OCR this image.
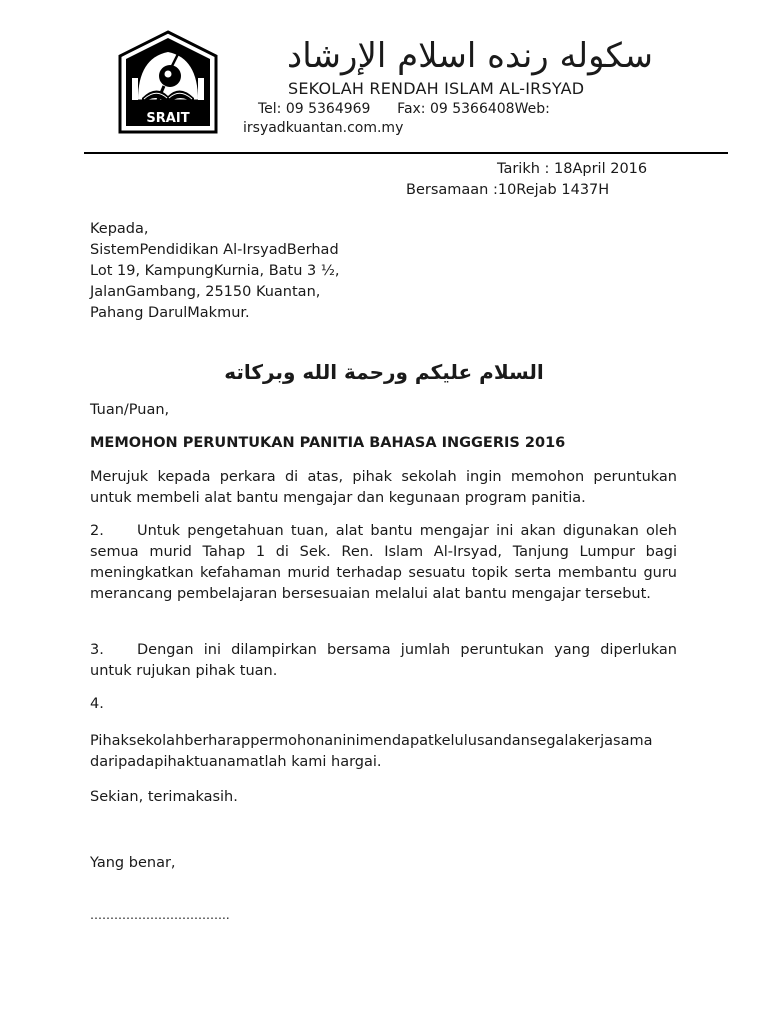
SRAIT
سكوله رنده اسلام الإرشاد
SEKOLAH RENDAH ISLAM AL-IRSYAD
Tel: 09 5364969 Fax: 09 5366408Web:
irsyadkuantan.com.my
Tarikh : 18April 2016
Bersamaan :10Rejab 1437H
Kepada,
SistemPendidikan Al-IrsyadBerhad
Lot 19, KampungKurnia, Batu 3 ½,
JalanGambang, 25150 Kuantan,
Pahang DarulMakmur.
السلام عليكم ورحمة الله وبركاته
Tuan/Puan,
MEMOHON PERUNTUKAN PANITIA BAHASA INGGERIS 2016
Merujuk kepada perkara di atas, pihak sekolah ingin memohon peruntukan untuk membeli alat bantu mengajar dan kegunaan program panitia.
2. Untuk pengetahuan tuan, alat bantu mengajar ini akan digunakan oleh semua murid Tahap 1 di Sek. Ren. Islam Al-Irsyad, Tanjung Lumpur bagi meningkatkan kefahaman murid terhadap sesuatu topik serta membantu guru merancang pembelajaran bersesuaian melalui alat bantu mengajar tersebut.
3. Dengan ini dilampirkan bersama jumlah peruntukan yang diperlukan untuk rujukan pihak tuan.
4.
Pihaksekolahberharappermohonaninimendapatkelulusandansegalakerjasama daripadapihaktuanamatlah kami hargai.
Sekian, terimakasih.
Yang benar,
……………………………..
